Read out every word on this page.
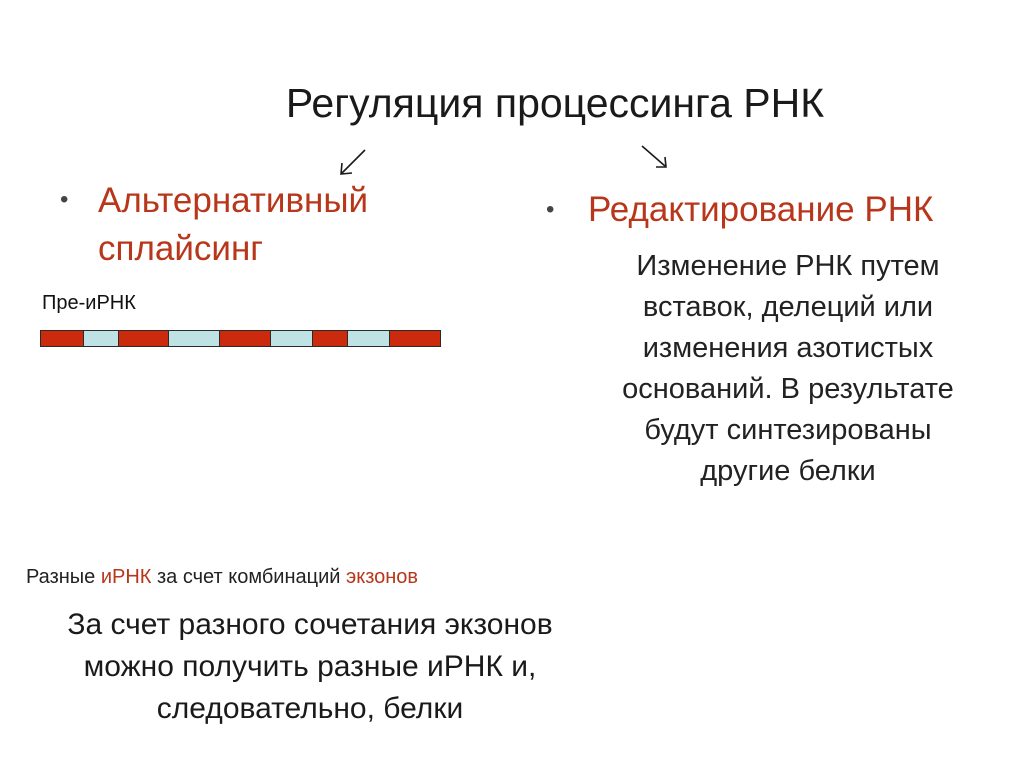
Регуляция процессинга РНК
• Альтернативный
сплайсинг
• Редактирование РНК
Пре-иРНК
Изменение РНК путем
вставок, делеций или
изменения азотистых
оснований. В результате
будут синтезированы
другие белки
Разные иРНК за счет комбинаций экзонов
За счет разного сочетания экзонов
можно получить разные иРНК и,
следовательно, белки
